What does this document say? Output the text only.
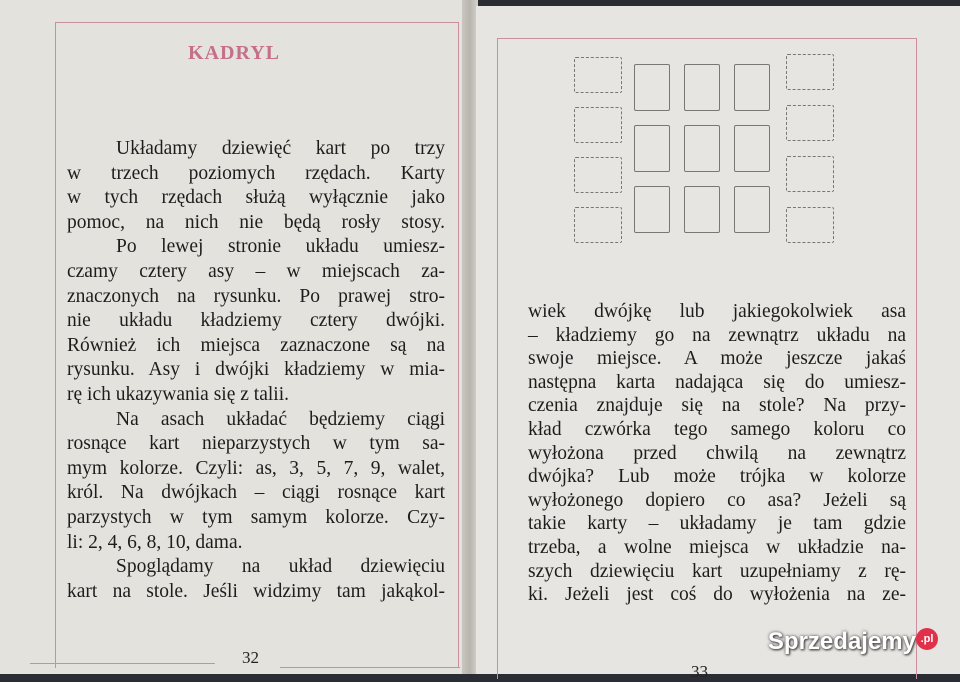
KADRYL
Układamy dziewięć kart po trzy
w trzech poziomych rzędach. Karty
w tych rzędach służą wyłącznie jako
pomoc, na nich nie będą rosły stosy.
Po lewej stronie układu umiesz-
czamy cztery asy – w miejscach za-
znaczonych na rysunku. Po prawej stro-
nie układu kładziemy cztery dwójki.
Również ich miejsca zaznaczone są na
rysunku. Asy i dwójki kładziemy w mia-
rę ich ukazywania się z talii.
Na asach układać będziemy ciągi
rosnące kart nieparzystych w tym sa-
mym kolorze. Czyli: as, 3, 5, 7, 9, walet,
król. Na dwójkach – ciągi rosnące kart
parzystych w tym samym kolorze. Czy-
li: 2, 4, 6, 8, 10, dama.
Spoglądamy na układ dziewięciu
kart na stole. Jeśli widzimy tam jakąkol-
32
wiek dwójkę lub jakiegokolwiek asa
– kładziemy go na zewnątrz układu na
swoje miejsce. A może jeszcze jakaś
następna karta nadająca się do umiesz-
czenia znajduje się na stole? Na przy-
kład czwórka tego samego koloru co
wyłożona przed chwilą na zewnątrz
dwójka? Lub może trójka w kolorze
wyłożonego dopiero co asa? Jeżeli są
takie karty – układamy je tam gdzie
trzeba, a wolne miejsca w układzie na-
szych dziewięciu kart uzupełniamy z rę-
ki. Jeżeli jest coś do wyłożenia na ze-
33
Sprzedajemy .pl
